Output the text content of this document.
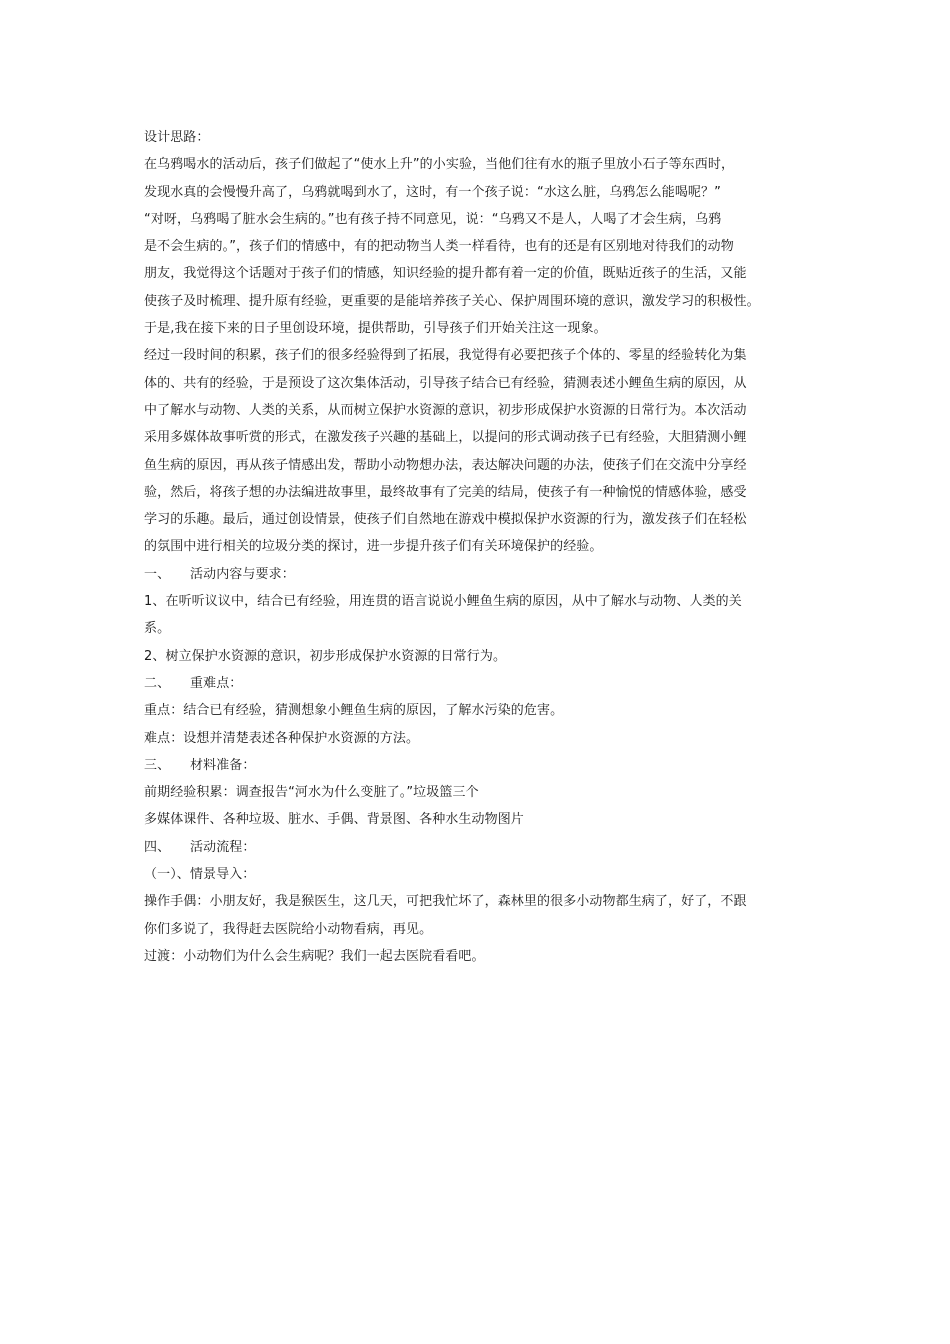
设计思路：
在乌鸦喝水的活动后，孩子们做起了“使水上升”的小实验，当他们往有水的瓶子里放小石子等东西时，
发现水真的会慢慢升高了，乌鸦就喝到水了，这时，有一个孩子说：“水这么脏，乌鸦怎么能喝呢？”
“对呀，乌鸦喝了脏水会生病的。”也有孩子持不同意见，说：“乌鸦又不是人，人喝了才会生病，乌鸦
是不会生病的。”，孩子们的情感中，有的把动物当人类一样看待，也有的还是有区别地对待我们的动物
朋友，我觉得这个话题对于孩子们的情感，知识经验的提升都有着一定的价值，既贴近孩子的生活，又能
使孩子及时梳理、提升原有经验，更重要的是能培养孩子关心、保护周围环境的意识，激发学习的积极性。
于是,我在接下来的日子里创设环境，提供帮助，引导孩子们开始关注这一现象。
经过一段时间的积累，孩子们的很多经验得到了拓展，我觉得有必要把孩子个体的、零星的经验转化为集
体的、共有的经验，于是预设了这次集体活动，引导孩子结合已有经验，猜测表述小鲤鱼生病的原因，从
中了解水与动物、人类的关系，从而树立保护水资源的意识，初步形成保护水资源的日常行为。本次活动
采用多媒体故事听赏的形式，在激发孩子兴趣的基础上，以提问的形式调动孩子已有经验，大胆猜测小鲤
鱼生病的原因，再从孩子情感出发，帮助小动物想办法，表达解决问题的办法，使孩子们在交流中分享经
验，然后，将孩子想的办法编进故事里，最终故事有了完美的结局，使孩子有一种愉悦的情感体验，感受
学习的乐趣。最后，通过创设情景，使孩子们自然地在游戏中模拟保护水资源的行为，激发孩子们在轻松
的氛围中进行相关的垃圾分类的探讨，进一步提升孩子们有关环境保护的经验。
一、 活动内容与要求：
1、在听听议议中，结合已有经验，用连贯的语言说说小鲤鱼生病的原因，从中了解水与动物、人类的关
系。
2、树立保护水资源的意识，初步形成保护水资源的日常行为。
二、 重难点：
重点：结合已有经验，猜测想象小鲤鱼生病的原因，了解水污染的危害。
难点：设想并清楚表述各种保护水资源的方法。
三、 材料准备：
前期经验积累：调查报告“河水为什么变脏了。”垃圾篮三个
多媒体课件、各种垃圾、脏水、手偶、背景图、各种水生动物图片
四、 活动流程：
（一）、情景导入：
操作手偶：小朋友好，我是猴医生，这几天，可把我忙坏了，森林里的很多小动物都生病了，好了，不跟
你们多说了，我得赶去医院给小动物看病，再见。
过渡：小动物们为什么会生病呢？我们一起去医院看看吧。
